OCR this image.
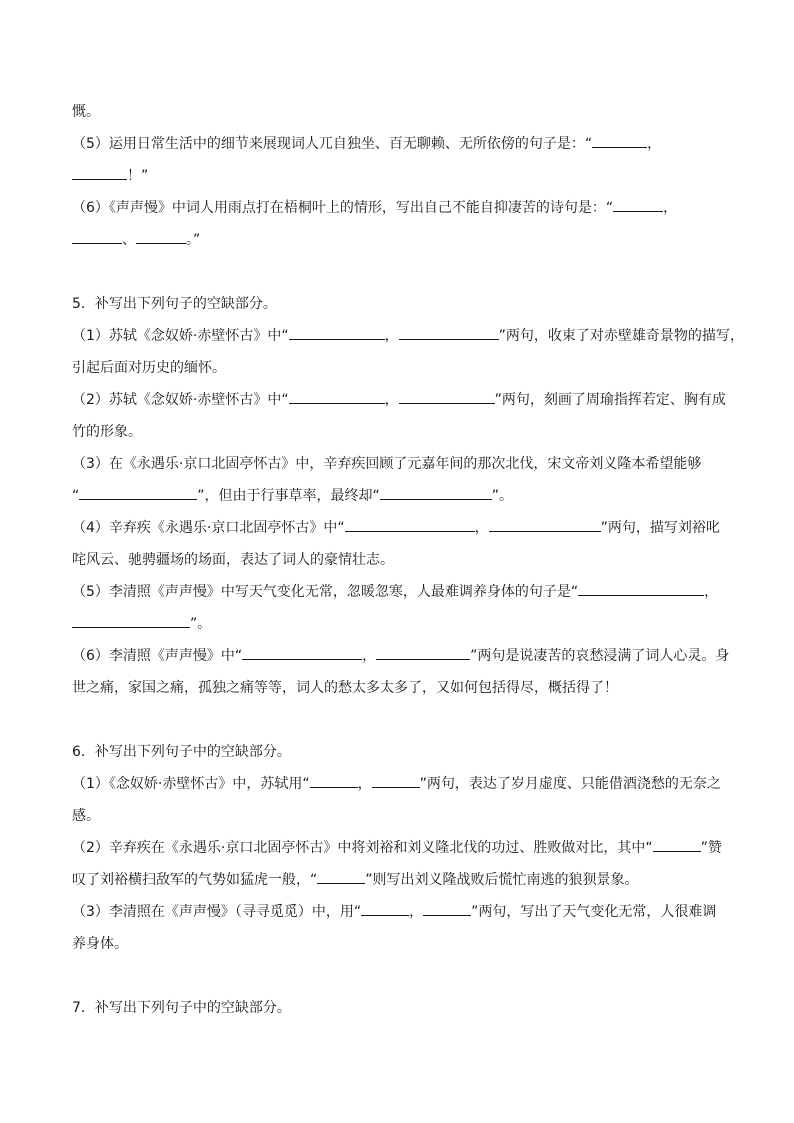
慨。
（5）运用日常生活中的细节来展现词人兀自独坐、百无聊赖、无所依傍的句子是：“	，
！”
（6）《声声慢》中词人用雨点打在梧桐叶上的情形，写出自己不能自抑凄苦的诗句是：“	，
、	。”
5．补写出下列句子的空缺部分。
（1）苏轼《念奴娇·赤壁怀古》中“	，	”两句，收束了对赤壁雄奇景物的描写，
引起后面对历史的缅怀。
（2）苏轼《念奴娇·赤壁怀古》中“	，	”两句，刻画了周瑜指挥若定、胸有成
竹的形象。
（3）在《永遇乐·京口北固亭怀古》中，辛弃疾回顾了元嘉年间的那次北伐，宋文帝刘义隆本希望能够
“	”，但由于行事草率，最终却“	”。
（4）辛弃疾《永遇乐·京口北固亭怀古》中“	，	”两句，描写刘裕叱
咤风云、驰骋疆场的场面，表达了词人的豪情壮志。
（5）李清照《声声慢》中写天气变化无常，忽暖忽寒，人最难调养身体的句子是“	，
”。
（6）李清照《声声慢》中“	，	”两句是说凄苦的哀愁浸满了词人心灵。身
世之痛，家国之痛，孤独之痛等等，词人的愁太多太多了，又如何包括得尽，概括得了！
6．补写出下列句子中的空缺部分。
（1）《念奴娇·赤壁怀古》中，苏轼用“	，	”两句，表达了岁月虚度、只能借酒浇愁的无奈之
感。
（2）辛弃疾在《永遇乐·京口北固亭怀古》中将刘裕和刘义隆北伐的功过、胜败做对比，其中“	”赞
叹了刘裕横扫敌军的气势如猛虎一般，“	”则写出刘义隆战败后慌忙南逃的狼狈景象。
（3）李清照在《声声慢》（寻寻觅觅）中，用“	，	”两句，写出了天气变化无常，人很难调
养身体。
7．补写出下列句子中的空缺部分。
